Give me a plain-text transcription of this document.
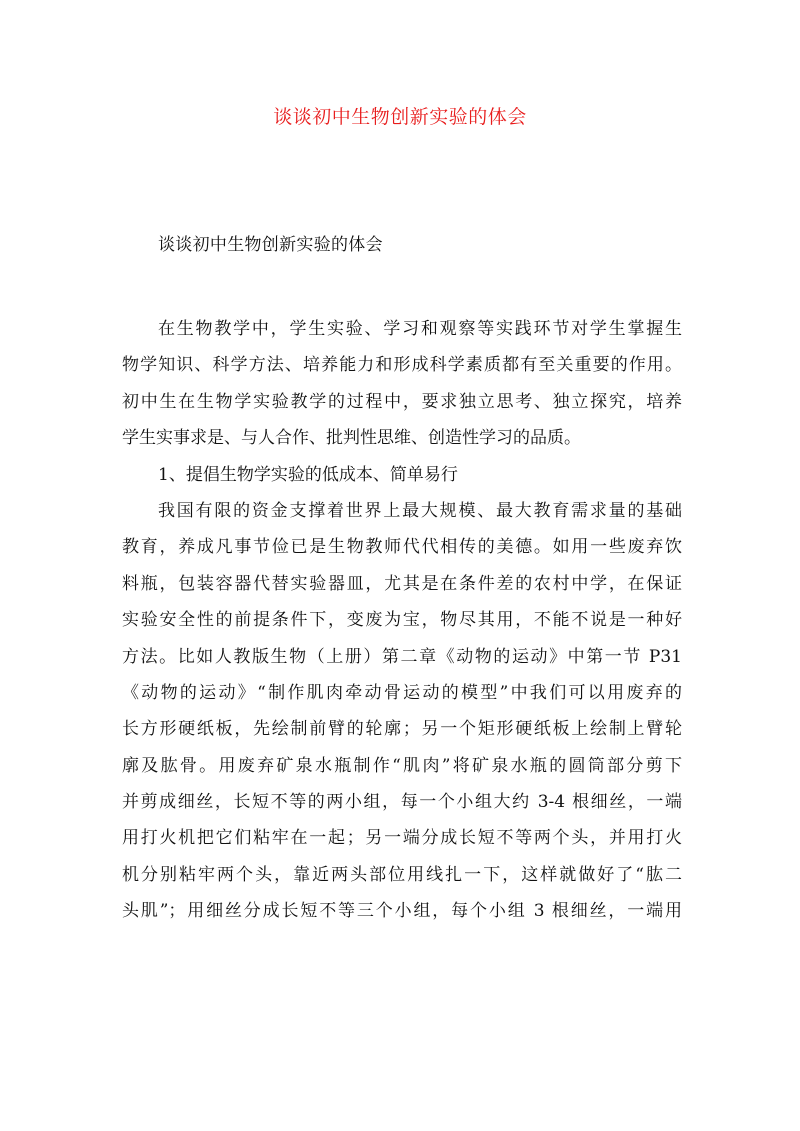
谈谈初中生物创新实验的体会
谈谈初中生物创新实验的体会
在生物教学中，学生实验、学习和观察等实践环节对学生掌握生
物学知识、科学方法、培养能力和形成科学素质都有至关重要的作用。
初中生在生物学实验教学的过程中，要求独立思考、独立探究，培养
学生实事求是、与人合作、批判性思维、创造性学习的品质。
1、提倡生物学实验的低成本、简单易行
我国有限的资金支撑着世界上最大规模、最大教育需求量的基础
教育，养成凡事节俭已是生物教师代代相传的美德。如用一些废弃饮
料瓶，包装容器代替实验器皿，尤其是在条件差的农村中学，在保证
实验安全性的前提条件下，变废为宝，物尽其用，不能不说是一种好
方法。比如人教版生物（上册）第二章《动物的运动》中第一节 P31
《动物的运动》“制作肌肉牵动骨运动的模型”中我们可以用废弃的
长方形硬纸板，先绘制前臂的轮廓；另一个矩形硬纸板上绘制上臂轮
廓及肱骨。用废弃矿泉水瓶制作“肌肉”将矿泉水瓶的圆筒部分剪下
并剪成细丝，长短不等的两小组，每一个小组大约 3-4 根细丝，一端
用打火机把它们粘牢在一起；另一端分成长短不等两个头，并用打火
机分别粘牢两个头，靠近两头部位用线扎一下，这样就做好了“肱二
头肌”；用细丝分成长短不等三个小组，每个小组 3 根细丝，一端用
